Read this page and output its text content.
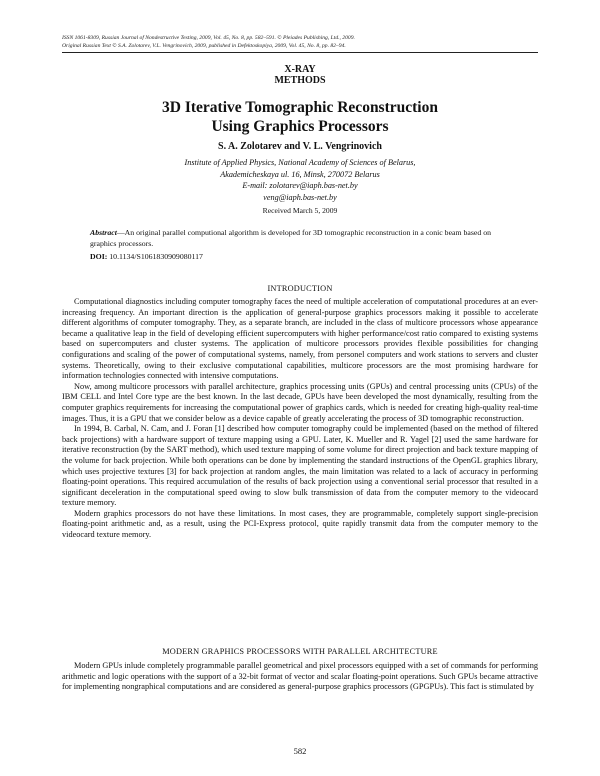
ISSN 1061-8309, Russian Journal of Nondestructive Testing, 2009, Vol. 45, No. 8, pp. 582–591. © Pleiades Publishing, Ltd., 2009.
Original Russian Text © S.A. Zolotarev, V.L. Vengrinovich, 2009, published in Defektoskopiya, 2009, Vol. 45, No. 8, pp. 82–94.
X-RAY
METHODS
3D Iterative Tomographic Reconstruction
Using Graphics Processors
S. A. Zolotarev and V. L. Vengrinovich
Institute of Applied Physics, National Academy of Sciences of Belarus,
Akademicheskaya ul. 16, Minsk, 270072 Belarus
E-mail: zolotarev@iaph.bas-net.by
veng@iaph.bas-net.by
Received March 5, 2009
Abstract—An original parallel computional algorithm is developed for 3D tomographic reconstruction in a conic beam based on graphics processors.
DOI: 10.1134/S1061830909080117
INTRODUCTION

Computational diagnostics including computer tomography faces the need of multiple acceleration of computational procedures at an ever-increasing frequency. An important direction is the application of general-purpose graphics processors making it possible to accelerate different algorithms of computer tomography. They, as a separate branch, are included in the class of multicore processors whose appearance became a qualitative leap in the field of developing efficient supercomputers with higher performance/cost ratio compared to existing systems based on supercomputers and cluster systems. The application of multicore processors provides flexible possibilities for changing configurations and scaling of the power of computational systems, namely, from personel computers and work stations to servers and cluster systems. Theoretically, owing to their exclusive computational capabilities, multicore processors are the most promising hardware for information technologies connected with intensive computations.

Now, among multicore processors with parallel architecture, graphics processing units (GPUs) and central processing units (CPUs) of the IBM CELL and Intel Core type are the best known. In the last decade, GPUs have been developed the most dynamically, resulting from the computer graphics requirements for increasing the computational power of graphics cards, which is needed for creating high-quality real-time images. Thus, it is a GPU that we consider below as a device capable of greatly accelerating the process of 3D tomographic reconstruction.

In 1994, B. Carbal, N. Cam, and J. Foran [1] described how computer tomography could be implemented (based on the method of filtered back projections) with a hardware support of texture mapping using a GPU. Later, K. Mueller and R. Yagel [2] used the same hardware for iterative reconstruction (by the SART method), which used texture mapping of some volume for direct projection and back texture mapping of the volume for back projection. While both operations can be done by implementing the standard instructions of the OpenGL graphics library, which uses projective textures [3] for back projection at random angles, the main limitation was related to a lack of accuracy in performing floating-point operations. This required accumulation of the results of back projection using a conventional serial processor that resulted in a significant deceleration in the computational speed owing to slow bulk transmission of data from the computer memory to the videocard texture memory.

Modern graphics processors do not have these limitations. In most cases, they are programmable, completely support single-precision floating-point arithmetic and, as a result, using the PCI-Express protocol, quite rapidly transmit data from the computer memory to the videocard texture memory.

MODERN GRAPHICS PROCESSORS WITH PARALLEL ARCHITECTURE

Modern GPUs inlude completely programmable parallel geometrical and pixel processors equipped with a set of commands for performing arithmetic and logic operations with the support of a 32-bit format of vector and scalar floating-point operations. Such GPUs became attractive for implementing nongraphical computations and are considered as general-purpose graphics processors (GPGPUs). This fact is stimulated by

582
